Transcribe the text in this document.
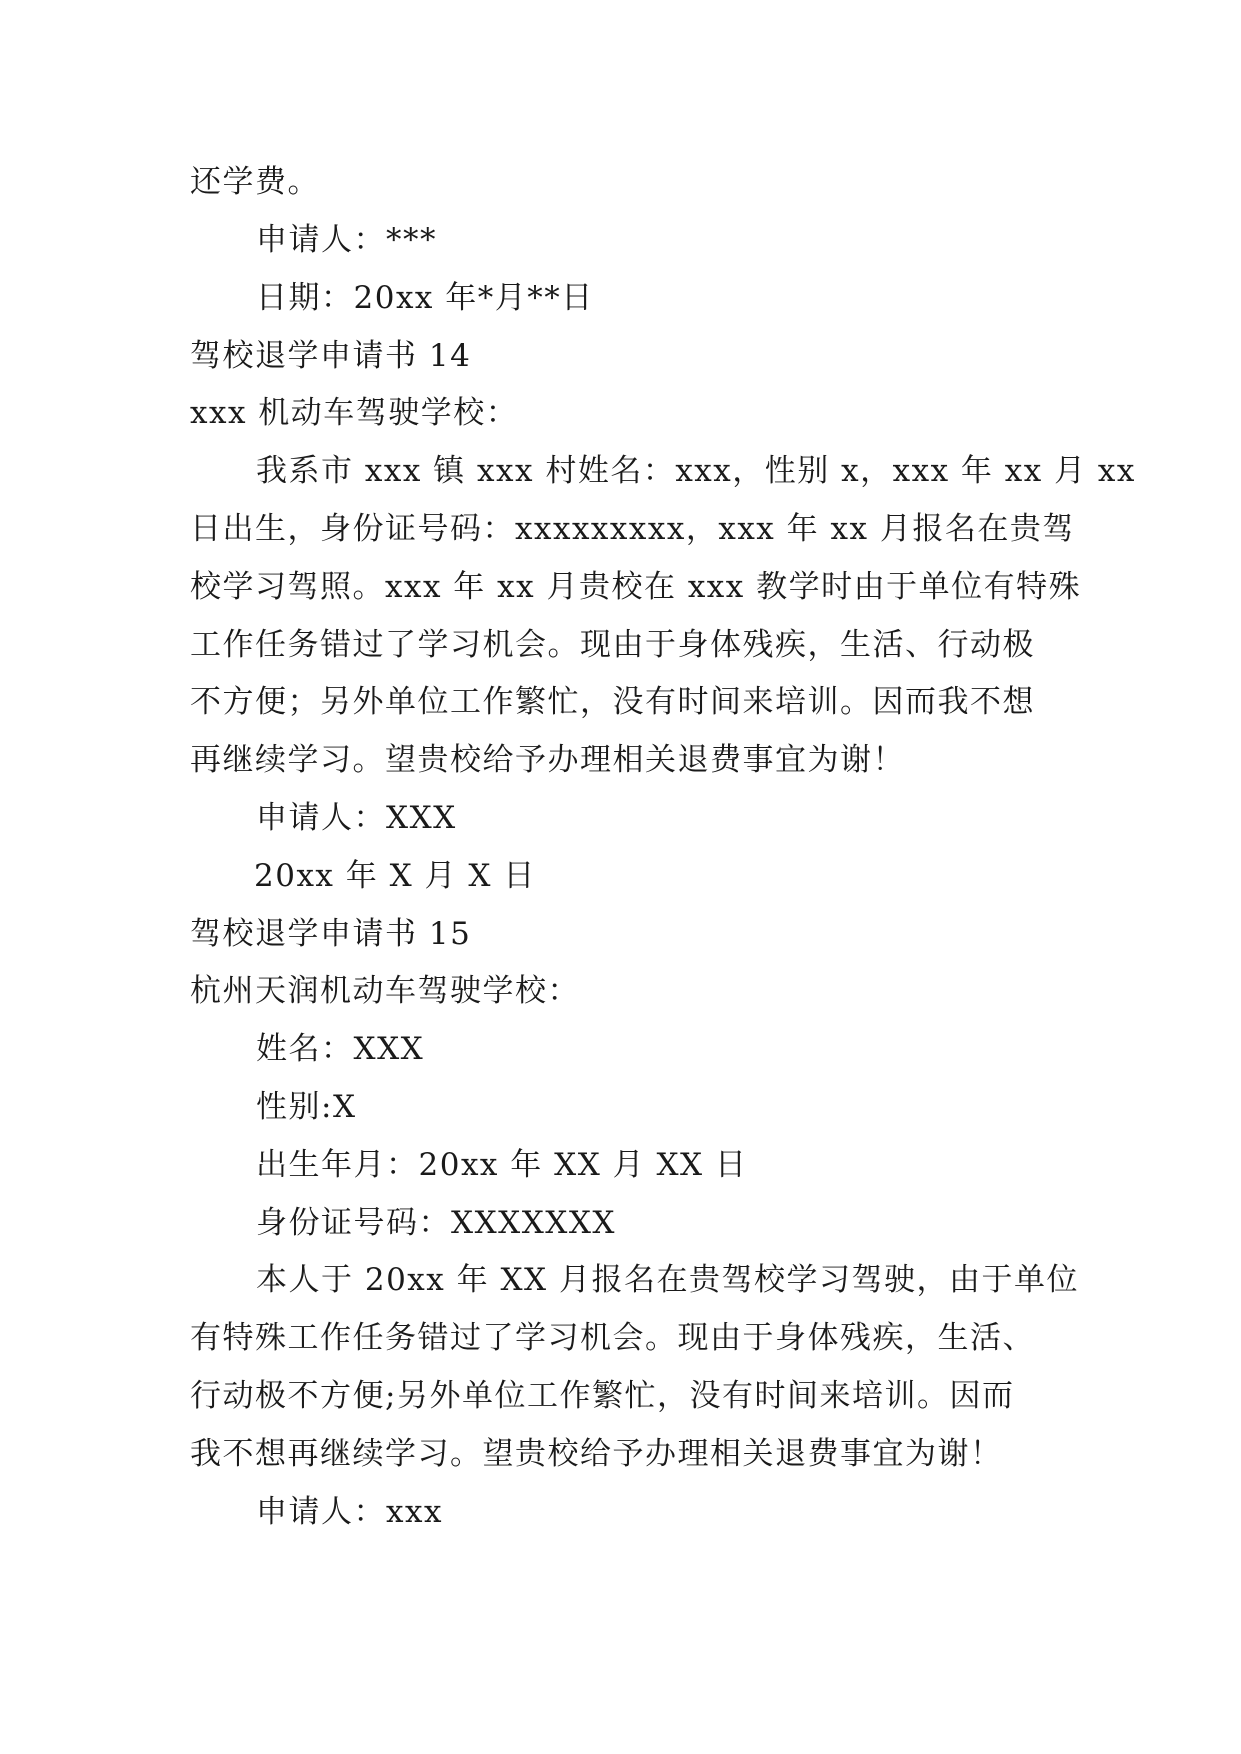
还学费。
申请人：***
日期：20xx 年*月**日
驾校退学申请书 14
xxx 机动车驾驶学校：
我系市 xxx 镇 xxx 村姓名：xxx，性别 x，xxx 年 xx 月 xx
日出生，身份证号码：xxxxxxxxx，xxx 年 xx 月报名在贵驾
校学习驾照。xxx 年 xx 月贵校在 xxx 教学时由于单位有特殊
工作任务错过了学习机会。现由于身体残疾，生活、行动极
不方便；另外单位工作繁忙，没有时间来培训。因而我不想
再继续学习。望贵校给予办理相关退费事宜为谢！
申请人：XXX
20xx 年 X 月 X 日
驾校退学申请书 15
杭州天润机动车驾驶学校：
姓名：XXX
性别:X
出生年月：20xx 年 XX 月 XX 日
身份证号码：XXXXXXX
本人于 20xx 年 XX 月报名在贵驾校学习驾驶，由于单位
有特殊工作任务错过了学习机会。现由于身体残疾，生活、
行动极不方便;另外单位工作繁忙，没有时间来培训。因而
我不想再继续学习。望贵校给予办理相关退费事宜为谢！
申请人：xxx
